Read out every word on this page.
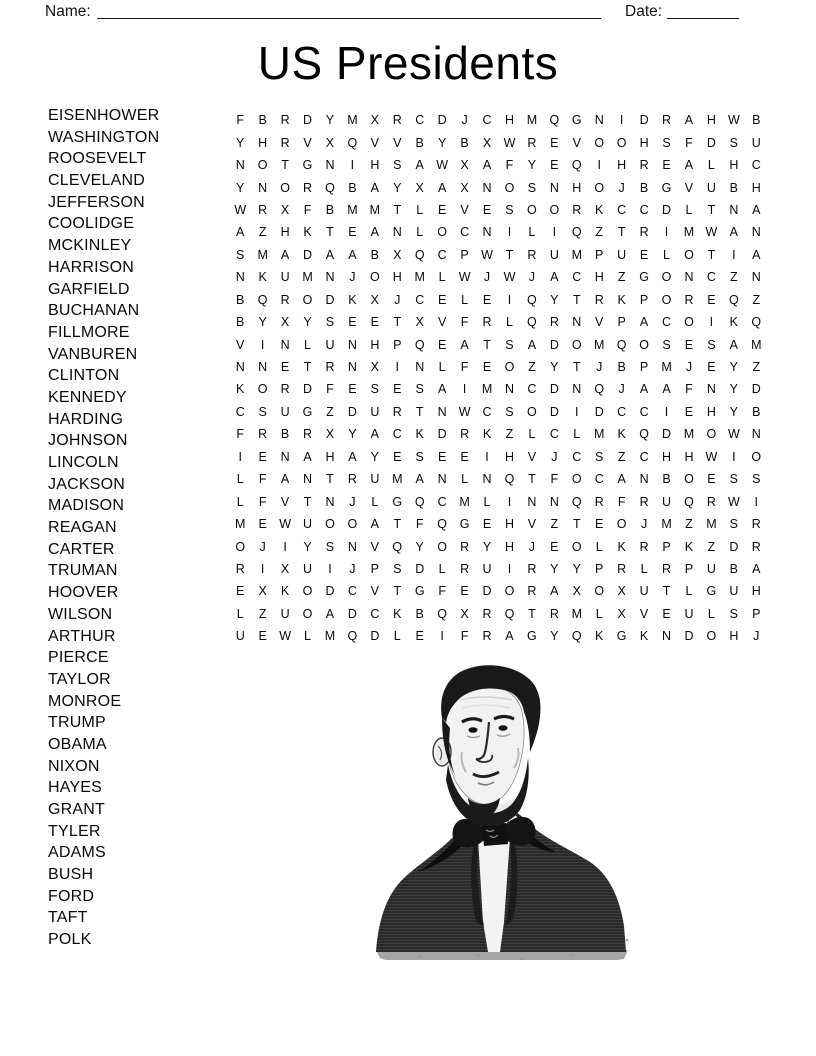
Name:	Date:
US Presidents
EISENHOWER
WASHINGTON
ROOSEVELT
CLEVELAND
JEFFERSON
COOLIDGE
MCKINLEY
HARRISON
GARFIELD
BUCHANAN
FILLMORE
VANBUREN
CLINTON
KENNEDY
HARDING
JOHNSON
LINCOLN
JACKSON
MADISON
REAGAN
CARTER
TRUMAN
HOOVER
WILSON
ARTHUR
PIERCE
TAYLOR
MONROE
TRUMP
OBAMA
NIXON
HAYES
GRANT
TYLER
ADAMS
BUSH
FORD
TAFT
POLK
F	B	R	D	Y	M	X	R	C	D	J	C	H	M Q	G	N	I	D	R	A	H W B
Y	H	R	V	X	Q	V	V	B	Y	B	X W R	E	V	O	O	H	S	F	D	S	U
N	O	T	G	N	I	H	S	A W X	A	F	Y	E	Q	I	H	R	E	A	L	H	C
Y	N	O	R	Q	B	A	Y	X	A	X	N	O	S	N	H	O	J	B	G	V	U	B	H
W R	X	F	B	M M	T	L	E	V	E	S	O	O	R	K	C	C	D	L	T	N	A
A	Z	H	K	T	E	A	N	L	O	C	N	I	L	I	Q	Z	T	R	I	M W A	N
S	M	A	D	A	A	B	X	Q	C	P W	T	R	U	M	P	U	E	L	O	T	I	A
N	K	U	M	N	J	O	H	M	L	W	J	W	J	A	C	H	Z	G	O	N	C	Z	N
B	Q	R	O	D	K	X	J	C	E	L	E	I	Q	Y	T	R	K	P	O	R	E	Q	Z
B	Y	X	Y	S	E	E	T	X	V	F	R	L	Q	R	N	V	P	A	C	O	I	K	Q
V	I	N	L	U	N	H	P	Q	E	A	T	S	A	D	O M Q	O	S	E	S	A	M
N	N	E	T	R	N	X	I	N	L	F	E	O	Z	Y	T	J	B	P	M	J	E	Y	Z
K	O	R	D	F	E	S	E	S	A	I	M	N	C	D	N	Q	J	A	A	F	N	Y	D
C	S	U	G	Z	D	U	R	T	N W C	S	O	D	I	D	C	C	I	E	H	Y	B
F	R	B	R	X	Y	A	C	K	D	R	K	Z	L	C	L	M	K	Q	D	M O W N
I	E	N	A	H	A	Y	E	S	E	E	I	H	V	J	C	S	Z	C	H	H W	I	O
L	F	A	N	T	R	U	M	A	N	L	N	Q	T	F	O	C	A	N	B	O	E	S	S
L	F	V	T	N	J	L	G	Q	C	M	L	I	N	N	Q	R	F	R	U	Q	R W	I
M	E W U	O	O	A	T	F	Q	G	E	H	V	Z	T	E	O	J	M	Z	M	S	R
O	J	I	Y	S	N	V	Q	Y	O	R	Y	H	J	E	O	L	K	R	P	K	Z	D	R
R	I	X	U	I	J	P	S	D	L	R	U	I	R	Y	Y	P	R	L	R	P	U	B	A
E	X	K	O	D	C	V	T	G	F	E	D	O	R	A	X	O	X	U	T	L	G	U	H
L	Z	U	O	A	D	C	K	B	Q	X	R	Q	T	R	M	L	X	V	E	U	L	S	P
U	E W	L	M Q	D	L	E	I	F	R	A	G	Y	Q	K	G	K	N	D	O	H	J
